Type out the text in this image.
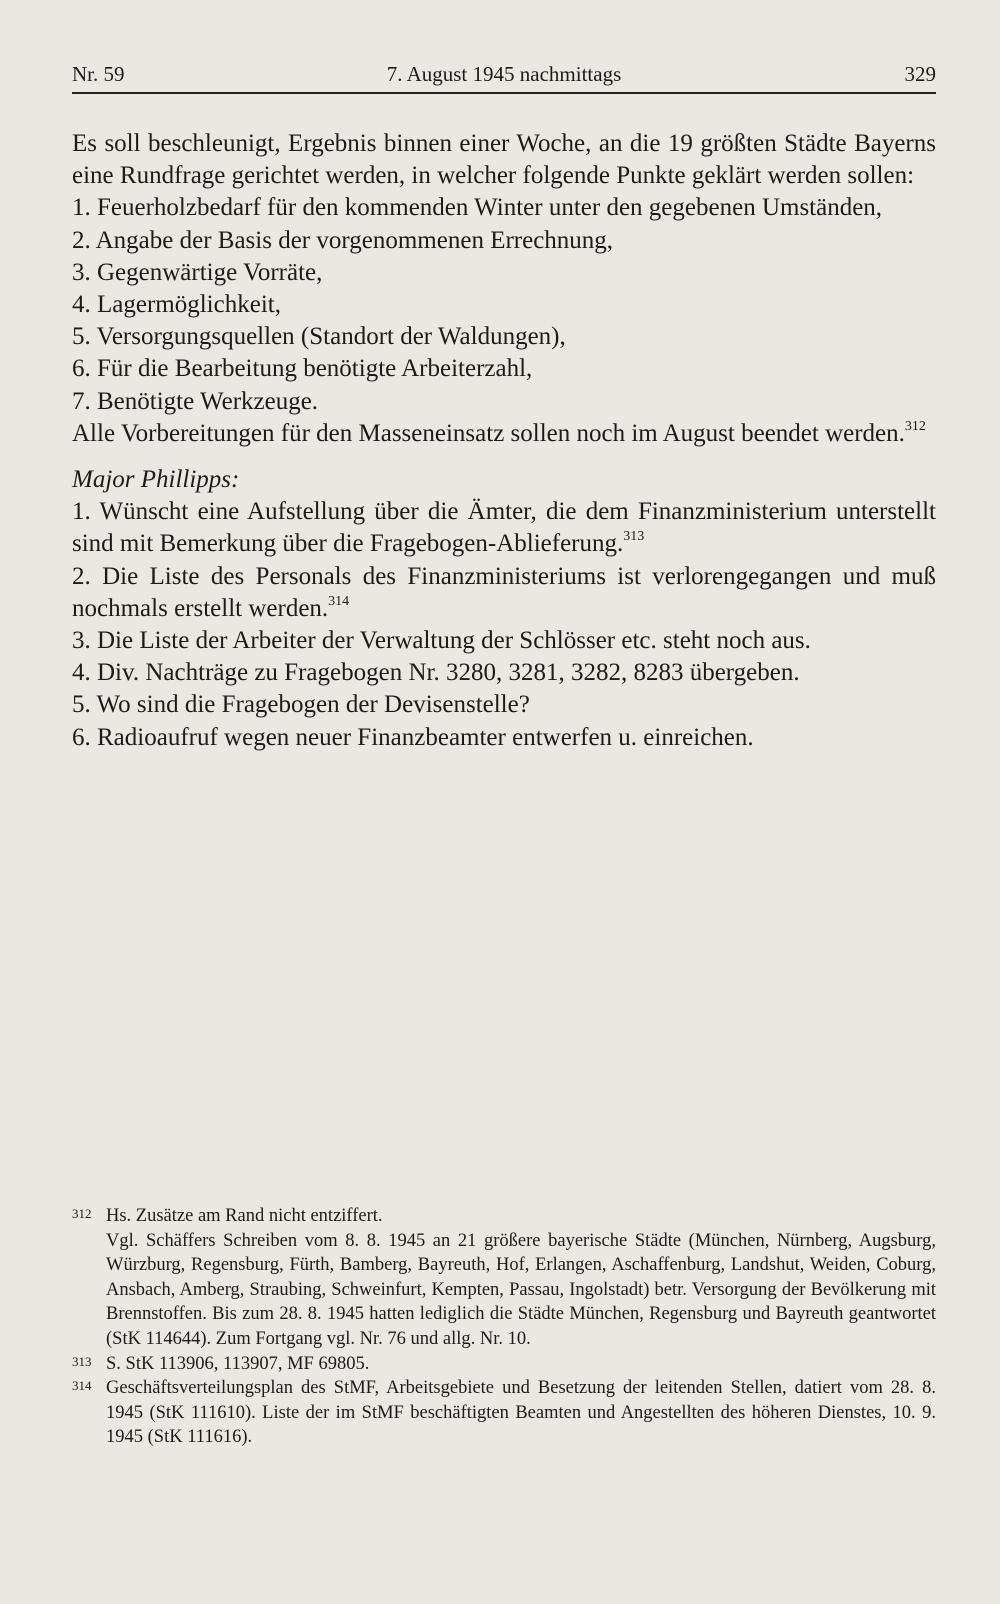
Nr. 59	7. August 1945 nachmittags	329

Es soll beschleunigt, Ergebnis binnen einer Woche, an die 19 größten Städte Bayerns eine Rundfrage gerichtet werden, in welcher folgende Punkte geklärt werden sollen:

1. Feuerholzbedarf für den kommenden Winter unter den gegebenen Umständen,

2. Angabe der Basis der vorgenommenen Errechnung,

3. Gegenwärtige Vorräte,

4. Lagermöglichkeit,

5. Versorgungsquellen (Standort der Waldungen),

6. Für die Bearbeitung benötigte Arbeiterzahl,

7. Benötigte Werkzeuge.

Alle Vorbereitungen für den Masseneinsatz sollen noch im August beendet werden.$^{312}$

Major Phillipps:

1. Wünscht eine Aufstellung über die Ämter, die dem Finanzministerium unterstellt sind mit Bemerkung über die Fragebogen-Ablieferung.$^{313}$

2. Die Liste des Personals des Finanzministeriums ist verlorengegangen und muß nochmals erstellt werden.$^{314}$

3. Die Liste der Arbeiter der Verwaltung der Schlösser etc. steht noch aus.

4. Div. Nachträge zu Fragebogen Nr. 3280, 3281, 3282, 8283 übergeben.

5. Wo sind die Fragebogen der Devisenstelle?

6. Radioaufruf wegen neuer Finanzbeamter entwerfen u. einreichen.

312 Hs. Zusätze am Rand nicht entziffert.

Vgl. Schäffers Schreiben vom 8. 8. 1945 an 21 größere bayerische Städte (München, Nürnberg, Augsburg, Würzburg, Regensburg, Fürth, Bamberg, Bayreuth, Hof, Erlangen, Aschaffenburg, Landshut, Weiden, Coburg, Ansbach, Amberg, Straubing, Schweinfurt, Kempten, Passau, Ingolstadt) betr. Versorgung der Bevölkerung mit Brennstoffen. Bis zum 28. 8. 1945 hatten lediglich die Städte München, Regensburg und Bayreuth geantwortet (StK 114644). Zum Fortgang vgl. Nr. 76 und allg. Nr. 10.

313 S. StK 113906, 113907, MF 69805.

314 Geschäftsverteilungsplan des StMF, Arbeitsgebiete und Besetzung der leitenden Stellen, datiert vom 28. 8. 1945 (StK 111610). Liste der im StMF beschäftigten Beamten und Angestellten des höheren Dienstes, 10. 9. 1945 (StK 111616).
